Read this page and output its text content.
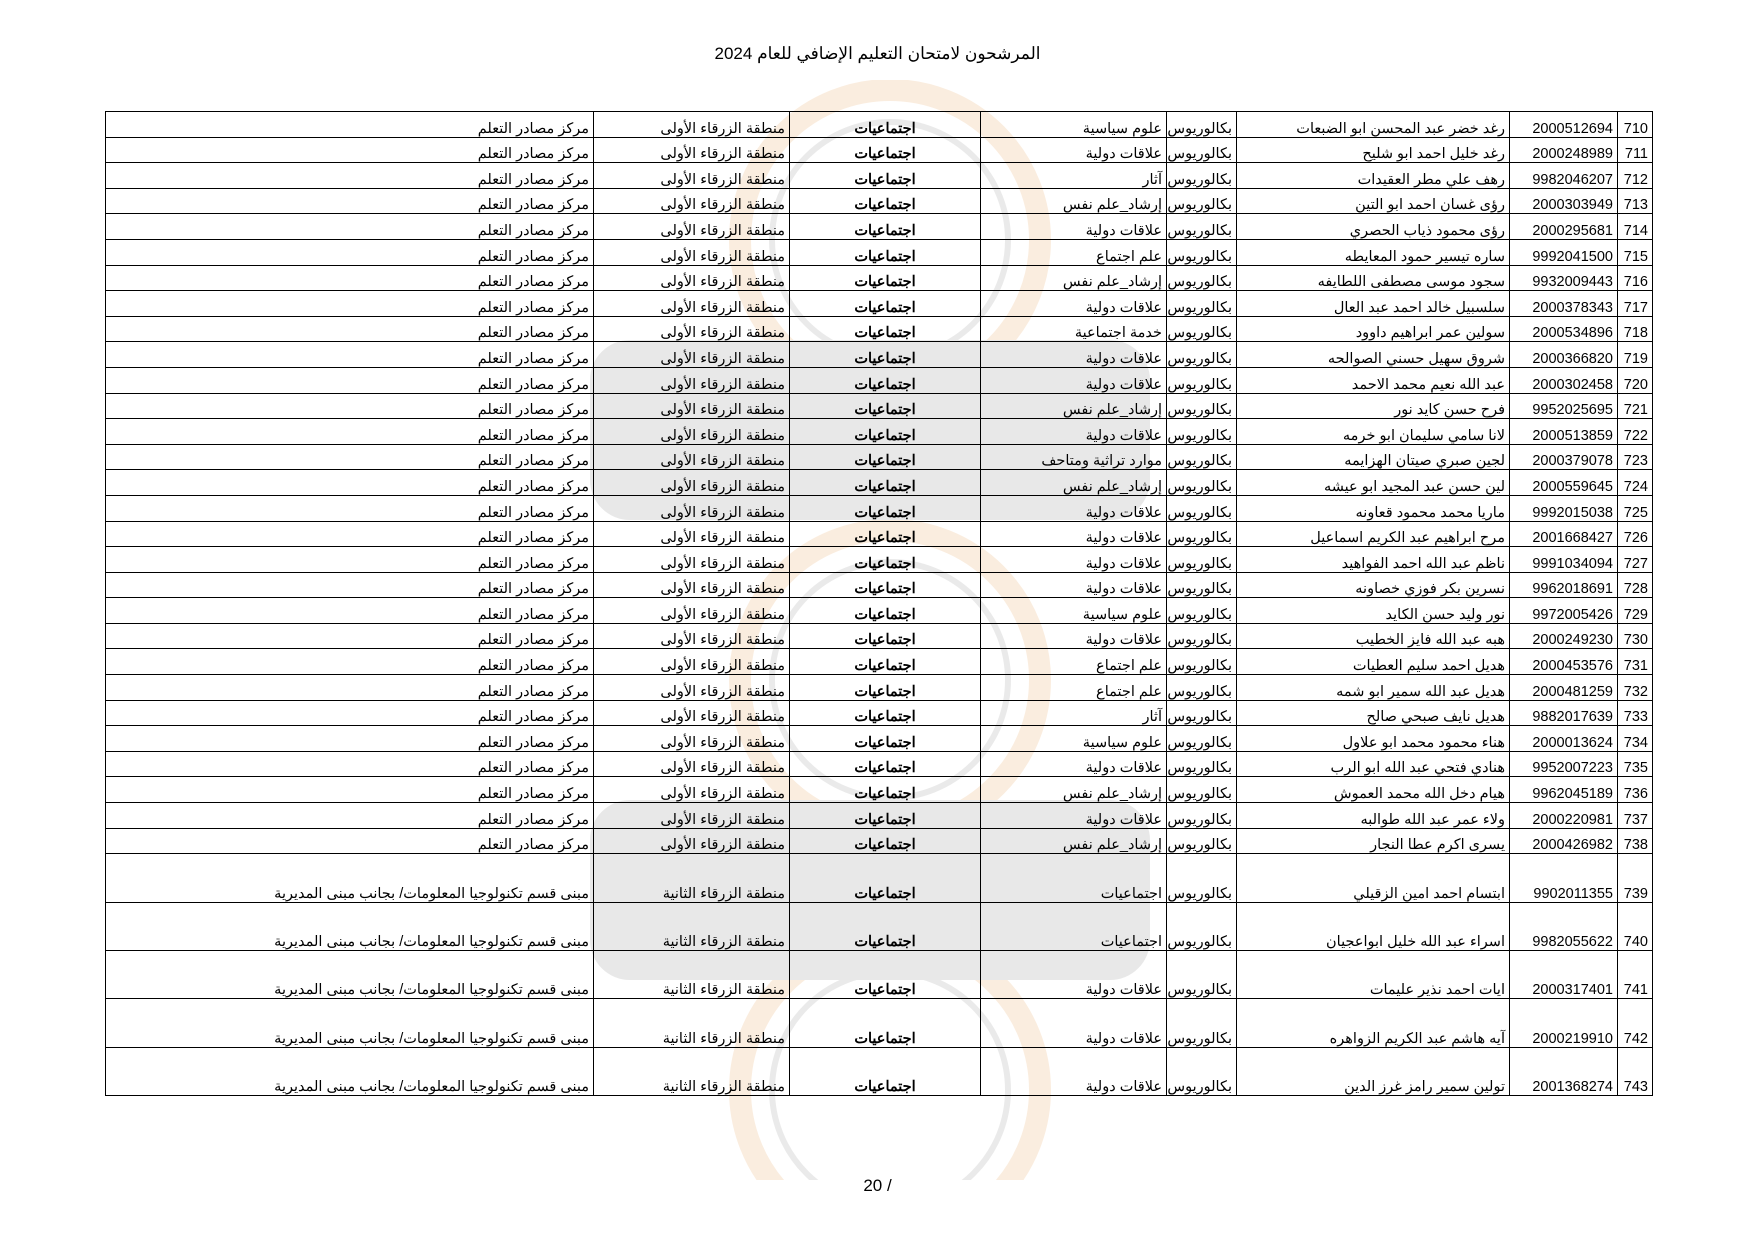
المرشحون لامتحان التعليم الإضافي للعام 2024
710	2000512694	رغد خضر عبد المحسن ابو الضبعات	بكالوريوس	علوم سياسية	اجتماعيات	منطقة الزرقاء الأولى	مركز مصادر التعلم
711	2000248989	رغد خليل احمد ابو شليح	بكالوريوس	علاقات دولية	اجتماعيات	منطقة الزرقاء الأولى	مركز مصادر التعلم
712	9982046207	رهف علي مطر العقيدات	بكالوريوس	آثار	اجتماعيات	منطقة الزرقاء الأولى	مركز مصادر التعلم
713	2000303949	رؤى غسان احمد ابو التين	بكالوريوس	إرشاد_علم نفس	اجتماعيات	منطقة الزرقاء الأولى	مركز مصادر التعلم
714	2000295681	رؤى محمود ذياب الحصري	بكالوريوس	علاقات دولية	اجتماعيات	منطقة الزرقاء الأولى	مركز مصادر التعلم
715	9992041500	ساره تيسير حمود المعايطه	بكالوريوس	علم اجتماع	اجتماعيات	منطقة الزرقاء الأولى	مركز مصادر التعلم
716	9932009443	سجود موسى مصطفى اللطايفه	بكالوريوس	إرشاد_علم نفس	اجتماعيات	منطقة الزرقاء الأولى	مركز مصادر التعلم
717	2000378343	سلسبيل خالد احمد عبد العال	بكالوريوس	علاقات دولية	اجتماعيات	منطقة الزرقاء الأولى	مركز مصادر التعلم
718	2000534896	سولين عمر ابراهيم داوود	بكالوريوس	خدمة اجتماعية	اجتماعيات	منطقة الزرقاء الأولى	مركز مصادر التعلم
719	2000366820	شروق سهيل حسني الصوالحه	بكالوريوس	علاقات دولية	اجتماعيات	منطقة الزرقاء الأولى	مركز مصادر التعلم
720	2000302458	عبد الله نعيم محمد الاحمد	بكالوريوس	علاقات دولية	اجتماعيات	منطقة الزرقاء الأولى	مركز مصادر التعلم
721	9952025695	فرح حسن كايد نور	بكالوريوس	إرشاد_علم نفس	اجتماعيات	منطقة الزرقاء الأولى	مركز مصادر التعلم
722	2000513859	لانا سامي سليمان ابو خرمه	بكالوريوس	علاقات دولية	اجتماعيات	منطقة الزرقاء الأولى	مركز مصادر التعلم
723	2000379078	لجين صبري صيتان الهزايمه	بكالوريوس	موارد تراثية ومتاحف	اجتماعيات	منطقة الزرقاء الأولى	مركز مصادر التعلم
724	2000559645	لين حسن عبد المجيد ابو عيشه	بكالوريوس	إرشاد_علم نفس	اجتماعيات	منطقة الزرقاء الأولى	مركز مصادر التعلم
725	9992015038	ماريا محمد محمود قعاونه	بكالوريوس	علاقات دولية	اجتماعيات	منطقة الزرقاء الأولى	مركز مصادر التعلم
726	2001668427	مرح ابراهيم عبد الكريم اسماعيل	بكالوريوس	علاقات دولية	اجتماعيات	منطقة الزرقاء الأولى	مركز مصادر التعلم
727	9991034094	ناظم عبد الله احمد الفواهيد	بكالوريوس	علاقات دولية	اجتماعيات	منطقة الزرقاء الأولى	مركز مصادر التعلم
728	9962018691	نسرين بكر فوزي خصاونه	بكالوريوس	علاقات دولية	اجتماعيات	منطقة الزرقاء الأولى	مركز مصادر التعلم
729	9972005426	نور وليد حسن الكايد	بكالوريوس	علوم سياسية	اجتماعيات	منطقة الزرقاء الأولى	مركز مصادر التعلم
730	2000249230	هبه عبد الله فايز الخطيب	بكالوريوس	علاقات دولية	اجتماعيات	منطقة الزرقاء الأولى	مركز مصادر التعلم
731	2000453576	هديل احمد سليم العطيات	بكالوريوس	علم اجتماع	اجتماعيات	منطقة الزرقاء الأولى	مركز مصادر التعلم
732	2000481259	هديل عبد الله سمير ابو شمه	بكالوريوس	علم اجتماع	اجتماعيات	منطقة الزرقاء الأولى	مركز مصادر التعلم
733	9882017639	هديل نايف صبحي صالح	بكالوريوس	آثار	اجتماعيات	منطقة الزرقاء الأولى	مركز مصادر التعلم
734	2000013624	هناء محمود محمد ابو علاول	بكالوريوس	علوم سياسية	اجتماعيات	منطقة الزرقاء الأولى	مركز مصادر التعلم
735	9952007223	هنادي فتحي عبد الله ابو الرب	بكالوريوس	علاقات دولية	اجتماعيات	منطقة الزرقاء الأولى	مركز مصادر التعلم
736	9962045189	هيام دخل الله محمد العموش	بكالوريوس	إرشاد_علم نفس	اجتماعيات	منطقة الزرقاء الأولى	مركز مصادر التعلم
737	2000220981	ولاء عمر عبد الله طوالبه	بكالوريوس	علاقات دولية	اجتماعيات	منطقة الزرقاء الأولى	مركز مصادر التعلم
738	2000426982	يسرى اكرم عطا النجار	بكالوريوس	إرشاد_علم نفس	اجتماعيات	منطقة الزرقاء الأولى	مركز مصادر التعلم
739	9902011355	ابتسام احمد امين الزقيلي	بكالوريوس	اجتماعيات	اجتماعيات	منطقة الزرقاء الثانية	مبنى قسم تكنولوجيا المعلومات/ بجانب مبنى المديرية
740	9982055622	اسراء عبد الله خليل ابواعجيان	بكالوريوس	اجتماعيات	اجتماعيات	منطقة الزرقاء الثانية	مبنى قسم تكنولوجيا المعلومات/ بجانب مبنى المديرية
741	2000317401	ايات احمد نذير عليمات	بكالوريوس	علاقات دولية	اجتماعيات	منطقة الزرقاء الثانية	مبنى قسم تكنولوجيا المعلومات/ بجانب مبنى المديرية
742	2000219910	آيه هاشم عبد الكريم الزواهره	بكالوريوس	علاقات دولية	اجتماعيات	منطقة الزرقاء الثانية	مبنى قسم تكنولوجيا المعلومات/ بجانب مبنى المديرية
743	2001368274	تولين سمير رامز غرز الدين	بكالوريوس	علاقات دولية	اجتماعيات	منطقة الزرقاء الثانية	مبنى قسم تكنولوجيا المعلومات/ بجانب مبنى المديرية
20 /
